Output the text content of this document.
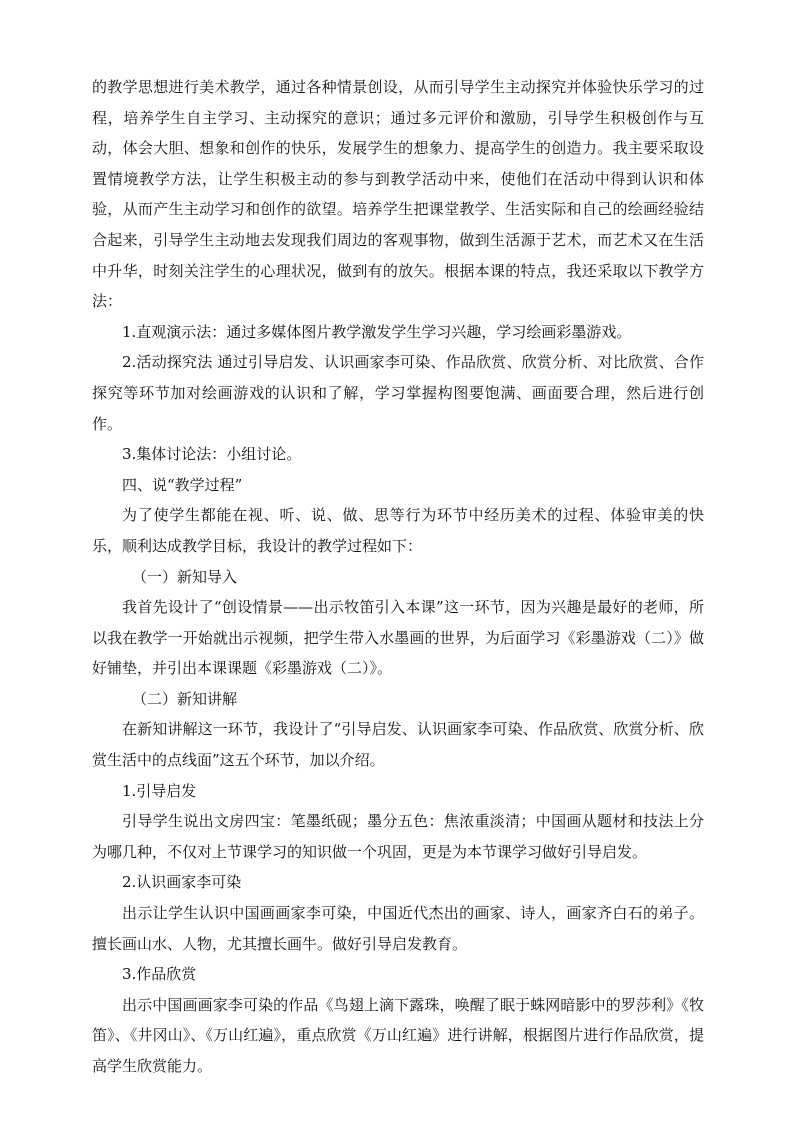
的教学思想进行美术教学，通过各种情景创设，从而引导学生主动探究并体验快乐学习的过程，培养学生自主学习、主动探究的意识；通过多元评价和激励，引导学生积极创作与互动，体会大胆、想象和创作的快乐，发展学生的想象力、提高学生的创造力。我主要采取设置情境教学方法，让学生积极主动的参与到教学活动中来，使他们在活动中得到认识和体验，从而产生主动学习和创作的欲望。培养学生把课堂教学、生活实际和自己的绘画经验结合起来，引导学生主动地去发现我们周边的客观事物，做到生活源于艺术，而艺术又在生活中升华，时刻关注学生的心理状况，做到有的放矢。根据本课的特点，我还采取以下教学方法：

1.直观演示法：通过多媒体图片教学激发学生学习兴趣，学习绘画彩墨游戏。

2.活动探究法 通过引导启发、认识画家李可染、作品欣赏、欣赏分析、对比欣赏、合作探究等环节加对绘画游戏的认识和了解，学习掌握构图要饱满、画面要合理，然后进行创作。

3.集体讨论法：小组讨论。

四、说“教学过程”

为了使学生都能在视、听、说、做、思等行为环节中经历美术的过程、体验审美的快乐，顺利达成教学目标，我设计的教学过程如下：

（一）新知导入

我首先设计了“创设情景——出示牧笛引入本课”这一环节，因为兴趣是最好的老师，所以我在教学一开始就出示视频，把学生带入水墨画的世界，为后面学习《彩墨游戏（二）》做好铺垫，并引出本课课题《彩墨游戏（二）》。

（二）新知讲解

在新知讲解这一环节，我设计了“引导启发、认识画家李可染、作品欣赏、欣赏分析、欣赏生活中的点线面”这五个环节，加以介绍。

1.引导启发

引导学生说出文房四宝：笔墨纸砚；墨分五色：焦浓重淡清；中国画从题材和技法上分为哪几种，不仅对上节课学习的知识做一个巩固，更是为本节课学习做好引导启发。

2.认识画家李可染

出示让学生认识中国画画家李可染，中国近代杰出的画家、诗人，画家齐白石的弟子。擅长画山水、人物，尤其擅长画牛。做好引导启发教育。

3.作品欣赏

出示中国画画家李可染的作品《鸟翅上滴下露珠，唤醒了眠于蛛网暗影中的罗莎利》《牧笛》、《井冈山》、《万山红遍》，重点欣赏《万山红遍》进行讲解，根据图片进行作品欣赏，提高学生欣赏能力。
